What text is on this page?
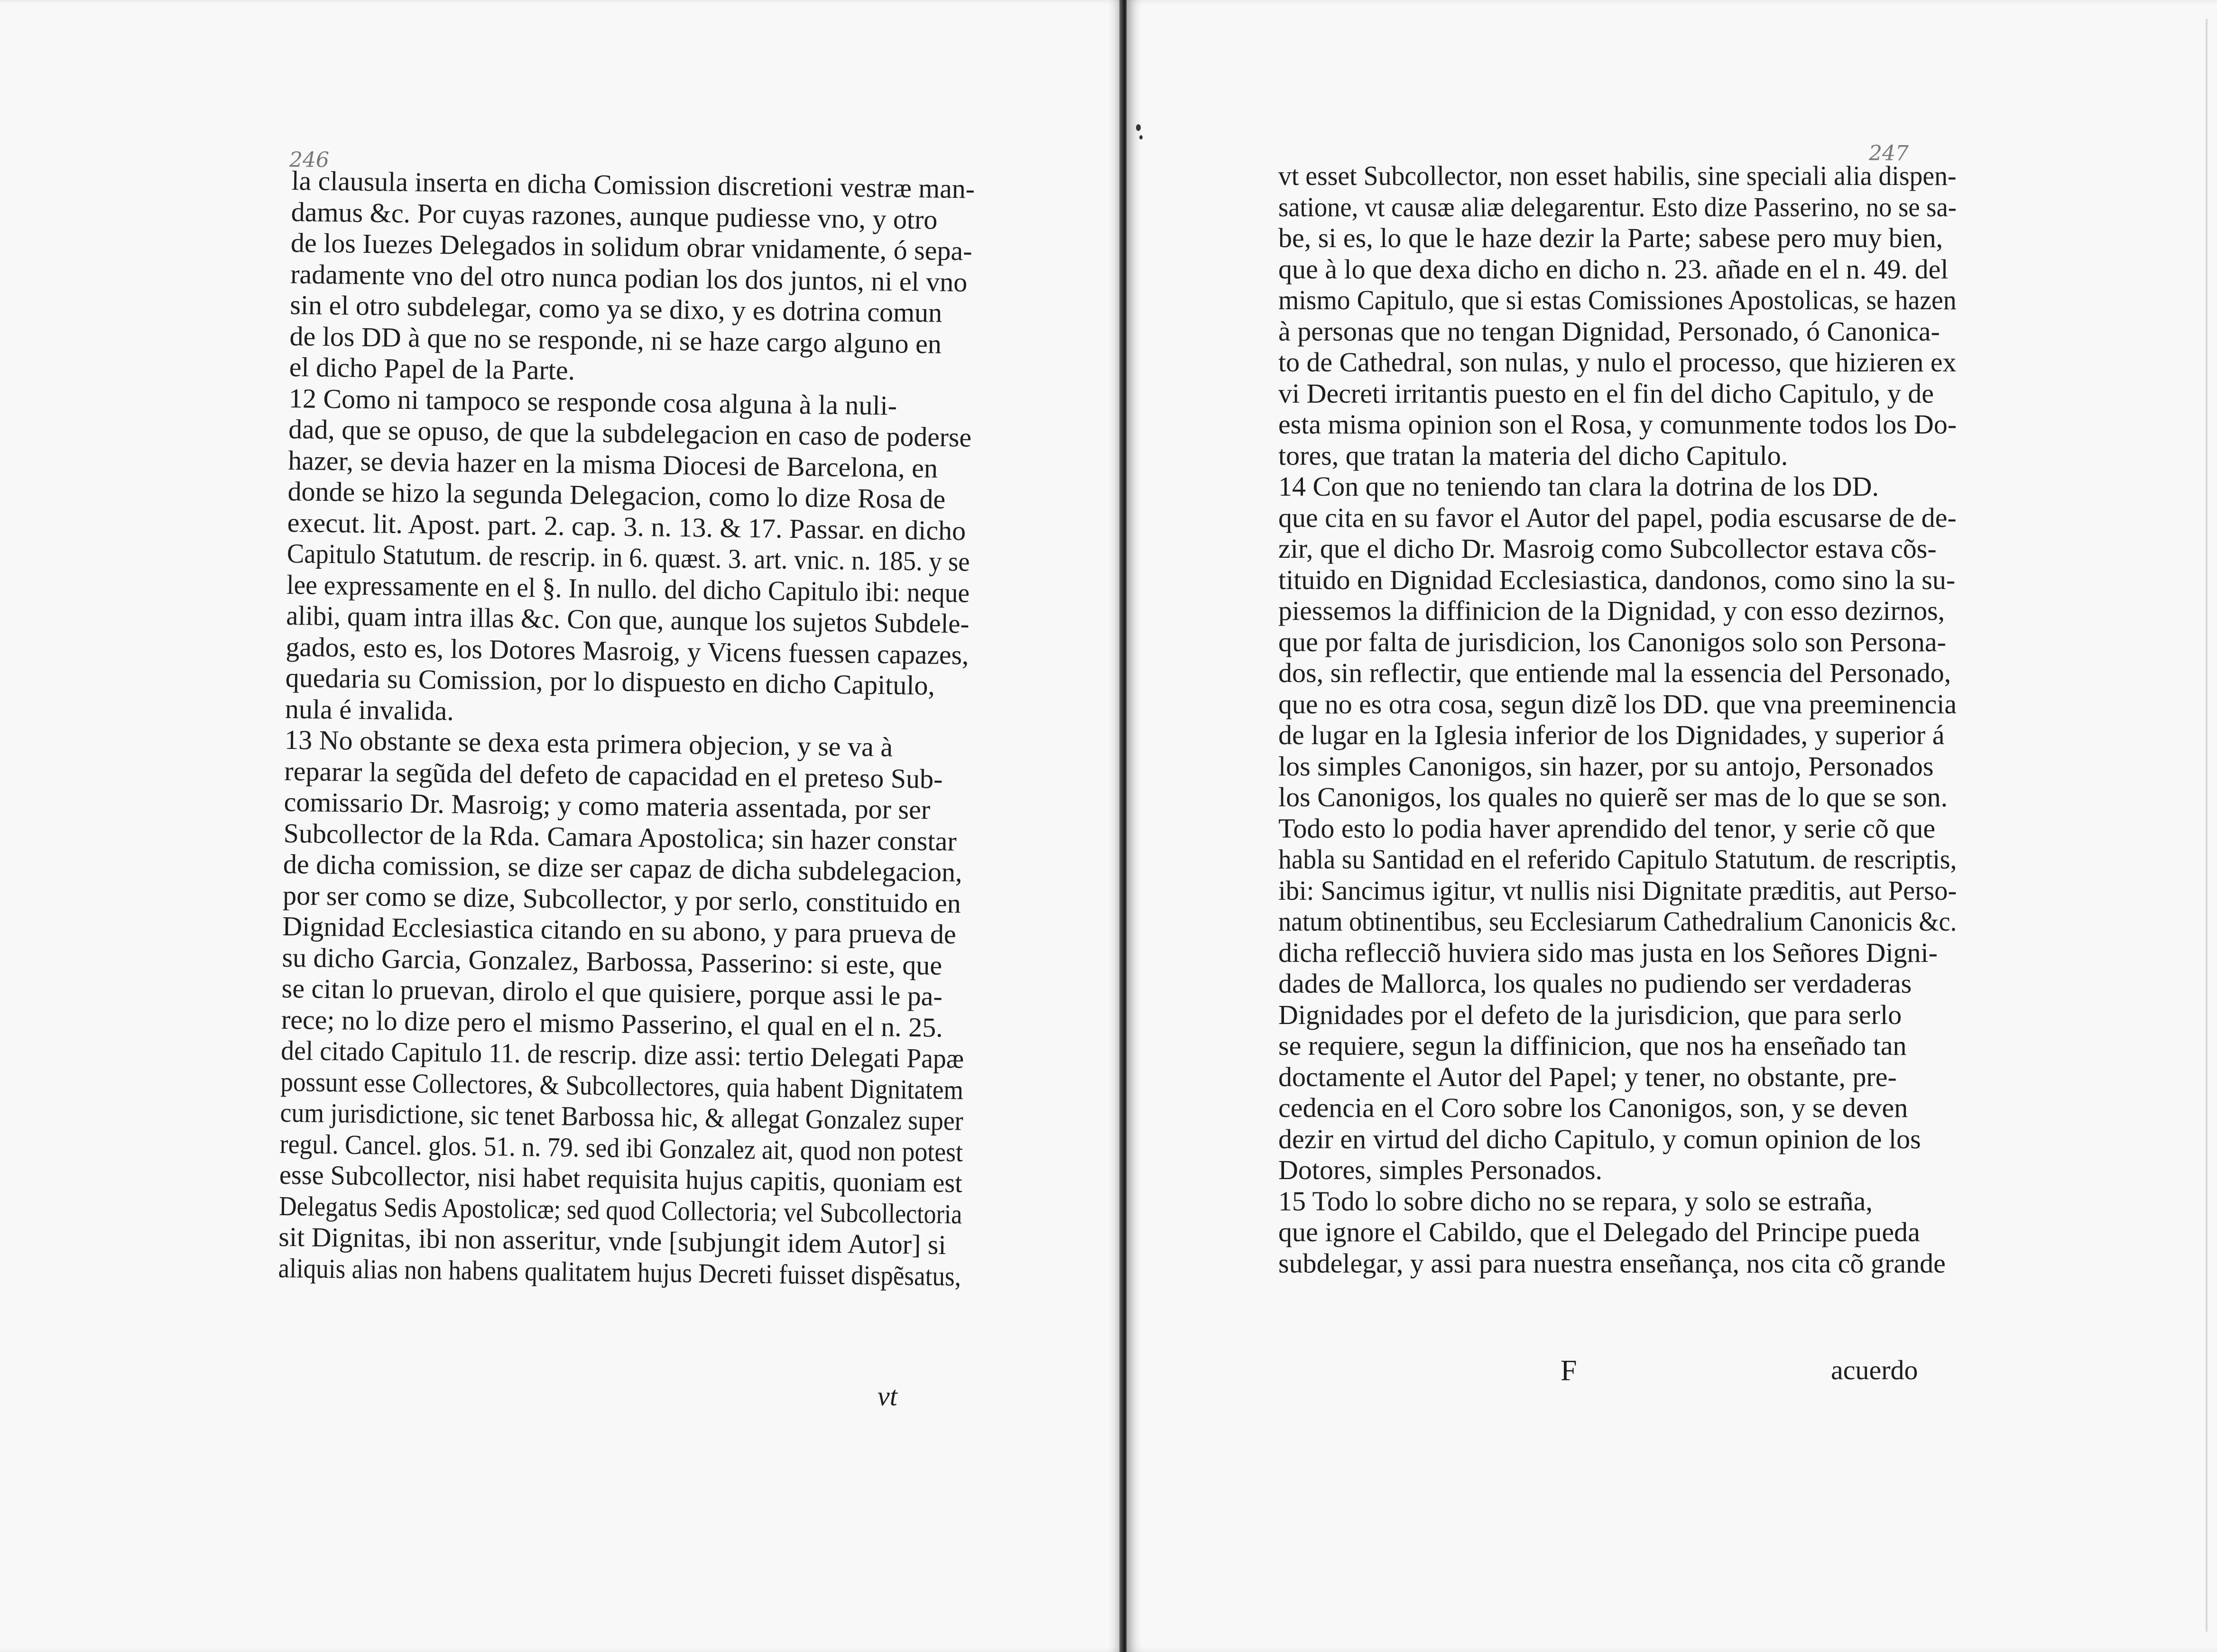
246	247
la clausula inserta en dicha Comission discretioni vestræ man-
damus &c. Por cuyas razones, aunque pudiesse vno, y otro
de los Iuezes Delegados in solidum obrar vnidamente, ó sepa-
radamente vno del otro nunca podian los dos juntos, ni el vno
sin el otro subdelegar, como ya se dixo, y es dotrina comun
de los DD à que no se responde, ni se haze cargo alguno en
el dicho Papel de la Parte.
12 Como ni tampoco se responde cosa alguna à la nuli-
dad, que se opuso, de que la subdelegacion en caso de poderse
hazer, se devia hazer en la misma Diocesi de Barcelona, en
donde se hizo la segunda Delegacion, como lo dize Rosa de
execut. lit. Apost. part. 2. cap. 3. n. 13. & 17. Passar. en dicho
Capitulo Statutum. de rescrip. in 6. quæst. 3. art. vnic. n. 185. y se
lee expressamente en el §. In nullo. del dicho Capitulo ibi: neque
alibi, quam intra illas &c. Con que, aunque los sujetos Subdele-
gados, esto es, los Dotores Masroig, y Vicens fuessen capazes,
quedaria su Comission, por lo dispuesto en dicho Capitulo,
nula é invalida.
13 No obstante se dexa esta primera objecion, y se va à
reparar la segũda del defeto de capacidad en el preteso Sub-
comissario Dr. Masroig; y como materia assentada, por ser
Subcollector de la Rda. Camara Apostolica; sin hazer constar
de dicha comission, se dize ser capaz de dicha subdelegacion,
por ser como se dize, Subcollector, y por serlo, constituido en
Dignidad Ecclesiastica citando en su abono, y para prueva de
su dicho Garcia, Gonzalez, Barbossa, Passerino: si este, que
se citan lo pruevan, dirolo el que quisiere, porque assi le pa-
rece; no lo dize pero el mismo Passerino, el qual en el n. 25.
del citado Capitulo 11. de rescrip. dize assi: tertio Delegati Papæ
possunt esse Collectores, & Subcollectores, quia habent Dignitatem
cum jurisdictione, sic tenet Barbossa hic, & allegat Gonzalez super
regul. Cancel. glos. 51. n. 79. sed ibi Gonzalez ait, quod non potest
esse Subcollector, nisi habet requisita hujus capitis, quoniam est
Delegatus Sedis Apostolicæ; sed quod Collectoria; vel Subcollectoria
sit Dignitas, ibi non asseritur, vnde [subjungit idem Autor] si
aliquis alias non habens qualitatem hujus Decreti fuisset dispẽsatus,
vt esset Subcollector, non esset habilis, sine speciali alia dispen-
satione, vt causæ aliæ delegarentur. Esto dize Passerino, no se sa-
be, si es, lo que le haze dezir la Parte; sabese pero muy bien,
que à lo que dexa dicho en dicho n. 23. añade en el n. 49. del
mismo Capitulo, que si estas Comissiones Apostolicas, se hazen
à personas que no tengan Dignidad, Personado, ó Canonica-
to de Cathedral, son nulas, y nulo el processo, que hizieren ex
vi Decreti irritantis puesto en el fin del dicho Capitulo, y de
esta misma opinion son el Rosa, y comunmente todos los Do-
tores, que tratan la materia del dicho Capitulo.
14 Con que no teniendo tan clara la dotrina de los DD.
que cita en su favor el Autor del papel, podia escusarse de de-
zir, que el dicho Dr. Masroig como Subcollector estava cõs-
tituido en Dignidad Ecclesiastica, dandonos, como sino la su-
piessemos la diffinicion de la Dignidad, y con esso dezirnos,
que por falta de jurisdicion, los Canonigos solo son Persona-
dos, sin reflectir, que entiende mal la essencia del Personado,
que no es otra cosa, segun dizẽ los DD. que vna preeminencia
de lugar en la Iglesia inferior de los Dignidades, y superior á
los simples Canonigos, sin hazer, por su antojo, Personados
los Canonigos, los quales no quierẽ ser mas de lo que se son.
Todo esto lo podia haver aprendido del tenor, y serie cõ que
habla su Santidad en el referido Capitulo Statutum. de rescriptis,
ibi: Sancimus igitur, vt nullis nisi Dignitate præditis, aut Perso-
natum obtinentibus, seu Ecclesiarum Cathedralium Canonicis &c.
dicha reflecciõ huviera sido mas justa en los Señores Digni-
dades de Mallorca, los quales no pudiendo ser verdaderas
Dignidades por el defeto de la jurisdicion, que para serlo
se requiere, segun la diffinicion, que nos ha enseñado tan
doctamente el Autor del Papel; y tener, no obstante, pre-
cedencia en el Coro sobre los Canonigos, son, y se deven
dezir en virtud del dicho Capitulo, y comun opinion de los
Dotores, simples Personados.
15 Todo lo sobre dicho no se repara, y solo se estraña,
que ignore el Cabildo, que el Delegado del Principe pueda
subdelegar, y assi para nuestra enseñança, nos cita cõ grande
vt
F	acuerdo
